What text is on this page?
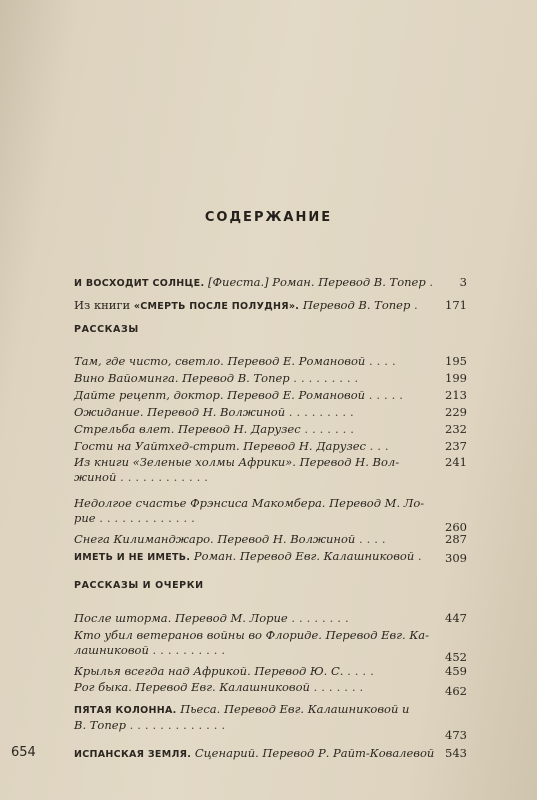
СОДЕРЖАНИЕ
И ВОСХОДИТ СОЛНЦЕ. [Фиеста.] Роман. Перевод В. Топер .	3
Из книги «СМЕРТЬ ПОСЛЕ ПОЛУДНЯ». Перевод В. Топер .	171
РАССКАЗЫ
Там, где чисто, светло. Перевод Е. Романовой ....	195
Вино Вайоминга. Перевод В. Топер .........	199
Дайте рецепт, доктор. Перевод Е. Романовой .....	213
Ожидание. Перевод Н. Волжиной .........	229
Стрельба влет. Перевод Н. Дарузес .......	232
Гости на Уайтхед-стрит. Перевод Н. Дарузес ...	237
Из книги «Зеленые холмы Африки». Перевод Н. Вол-	241
жиной ............
Недолгое счастье Фрэнсиса Макомбера. Перевод М. Ло-
рие .............
260
Снега Килиманджаро. Перевод Н. Волжиной ....	287
ИМЕТЬ И НЕ ИМЕТЬ. Роман. Перевод Евг. Калашниковой .	309
РАССКАЗЫ И ОЧЕРКИ
После шторма. Перевод М. Лорие ........	447
Кто убил ветеранов войны во Флориде. Перевод Евг. Ка-
лашниковой ..........	452
Крылья всегда над Африкой. Перевод Ю. С. ....	459
Рог быка. Перевод Евг. Калашниковой .......	462
ПЯТАЯ КОЛОННА. Пьеса. Перевод Евг. Калашниковой и
В. Топер .............
473
ИСПАНСКАЯ ЗЕМЛЯ. Сценарий. Перевод Р. Райт-Ковалевой 543
654
